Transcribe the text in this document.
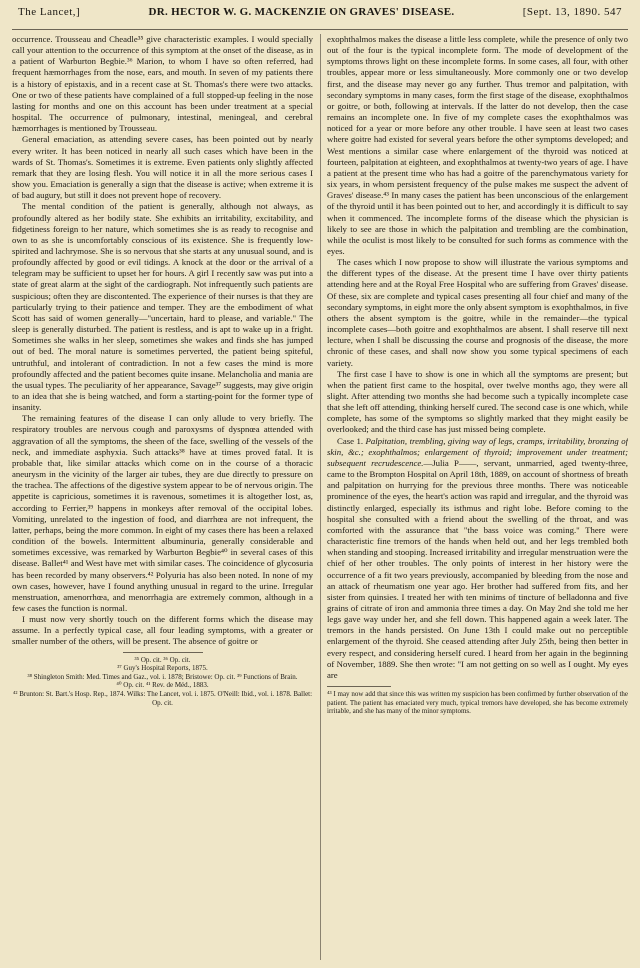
The Lancet,]	DR. HECTOR W. G. MACKENZIE ON GRAVES' DISEASE.	[Sept. 13, 1890. 547

occurrence. Trousseau and Cheadle³⁵ give characteristic examples. I would specially call your attention to the occurrence of this symptom at the onset of the disease, as in a patient of Warburton Begbie.³⁶ Marion, to whom I have so often referred, had frequent hæmorrhages from the nose, ears, and mouth. In seven of my patients there is a history of epistaxis, and in a recent case at St. Thomas's there were two attacks. One or two of these patients have complained of a full stopped-up feeling in the nose lasting for months and one on this account has been under treatment at a special hospital. The occurrence of pulmonary, intestinal, meningeal, and cerebral hæmorrhages is mentioned by Trousseau.

General emaciation, as attending severe cases, has been pointed out by nearly every writer. It has been noticed in nearly all such cases which have been in the wards of St. Thomas's. Sometimes it is extreme. Even patients only slightly affected remark that they are losing flesh. You will notice it in all the more serious cases I show you. Emaciation is generally a sign that the disease is active; when extreme it is of bad augury, but still it does not prevent hope of recovery.

The mental condition of the patient is generally, although not always, as profoundly altered as her bodily state. She exhibits an irritability, excitability, and fidgetiness foreign to her nature, which sometimes she is as ready to recognise and own to as she is uncomfortably conscious of its existence. She is frequently low-spirited and lachrymose. She is so nervous that she starts at any unusual sound, and is profoundly affected by good or evil tidings. A knock at the door or the arrival of a telegram may be sufficient to upset her for hours. A girl I recently saw was put into a state of great alarm at the sight of the cardiograph. Not infrequently such patients are suspicious; often they are discontented. The experience of their nurses is that they are particularly trying to their patience and temper. They are the embodiment of what Scott has said of women generally—"uncertain, hard to please, and variable." The sleep is generally disturbed. The patient is restless, and is apt to wake up in a fright. Sometimes she walks in her sleep, sometimes she wakes and finds she has jumped out of bed. The moral nature is sometimes perverted, the patient being spiteful, untruthful, and intolerant of contradiction. In not a few cases the mind is more profoundly affected and the patient becomes quite insane. Melancholia and mania are the usual types. The peculiarity of her appearance, Savage³⁷ suggests, may give origin to an idea that she is being watched, and form a starting-point for the former type of insanity.

The remaining features of the disease I can only allude to very briefly. The respiratory troubles are nervous cough and paroxysms of dyspnœa attended with aggravation of all the symptoms, the sheen of the face, swelling of the vessels of the neck, and immediate asphyxia. Such attacks³⁸ have at times proved fatal. It is probable that, like similar attacks which come on in the course of a thoracic aneurysm in the vicinity of the larger air tubes, they are due directly to pressure on the trachea. The affections of the digestive system appear to be of nervous origin. The appetite is capricious, sometimes it is ravenous, sometimes it is altogether lost, as, according to Ferrier,³⁹ happens in monkeys after removal of the occipital lobes. Vomiting, unrelated to the ingestion of food, and diarrhœa are not infrequent, the latter, perhaps, being the more common. In eight of my cases there has been a relaxed condition of the bowels. Intermittent albuminuria, generally considerable and sometimes excessive, was remarked by Warburton Begbie⁴⁰ in several cases of this disease. Ballet⁴¹ and West have met with similar cases. The coincidence of glycosuria has been recorded by many observers.⁴² Polyuria has also been noted. In none of my own cases, however, have I found anything unusual in regard to the urine. Irregular menstruation, amenorrhœa, and menorrhagia are extremely common, although in a few cases the function is normal.

I must now very shortly touch on the different forms which the disease may assume. In a perfectly typical case, all four leading symptoms, with a greater or smaller number of the others, will be present. The absence of goitre or

³⁵ Op. cit. ³⁶ Op. cit.
³⁷ Guy's Hospital Reports, 1875.
³⁸ Shingleton Smith: Med. Times and Gaz., vol. i. 1878; Bristowe: Op. cit. ³⁹ Functions of Brain.
⁴⁰ Op. cit. ⁴¹ Rev. de Méd., 1883.
⁴² Brunton: St. Bart.'s Hosp. Rep., 1874. Wilks: The Lancet, vol. i. 1875. O'Neill: Ibid., vol. i. 1878. Ballet: Op. cit.

exophthalmos makes the disease a little less complete, while the presence of only two out of the four is the typical incomplete form. The mode of development of the symptoms throws light on these incomplete forms. In some cases, all four, with other troubles, appear more or less simultaneously. More commonly one or two develop first, and the disease may never go any further. Thus tremor and palpitation, with secondary symptoms in many cases, form the first stage of the disease, exophthalmos or goitre, or both, following at intervals. If the latter do not develop, then the case remains an incomplete one. In five of my complete cases the exophthalmos was noticed for a year or more before any other trouble. I have seen at least two cases where goitre had existed for several years before the other symptoms developed; and West mentions a similar case where enlargement of the thyroid was noticed at fourteen, palpitation at eighteen, and exophthalmos at twenty-two years of age. I have a patient at the present time who has had a goitre of the parenchymatous variety for six years, in whom persistent frequency of the pulse makes me suspect the advent of Graves' disease.⁴³ In many cases the patient has been unconscious of the enlargement of the thyroid until it has been pointed out to her, and accordingly it is difficult to say when it commenced. The incomplete forms of the disease which the physician is likely to see are those in which the palpitation and trembling are the combination, while the oculist is most likely to be consulted for such forms as commence with the eyes.

The cases which I now propose to show will illustrate the various symptoms and the different types of the disease. At the present time I have over thirty patients attending here and at the Royal Free Hospital who are suffering from Graves' disease. Of these, six are complete and typical cases presenting all four chief and many of the secondary symptoms, in eight more the only absent symptom is exophthalmos, in five others the absent symptom is the goitre, while in the remainder—the typical incomplete cases—both goitre and exophthalmos are absent. I shall reserve till next lecture, when I shall be discussing the course and prognosis of the disease, the more chronic of these cases, and shall now show you some typical specimens of each variety.

The first case I have to show is one in which all the symptoms are present; but when the patient first came to the hospital, over twelve months ago, they were all slight. After attending two months she had become such a typically incomplete case that she left off attending, thinking herself cured. The second case is one which, while complete, has some of the symptoms so slightly marked that they might easily be overlooked; and the third case has just missed being complete.

Case 1. Palpitation, trembling, giving way of legs, cramps, irritability, bronzing of skin, &c.; exophthalmos; enlargement of thyroid; improvement under treatment; subsequent recrudescence.—Julia P——, servant, unmarried, aged twenty-three, came to the Brompton Hospital on April 18th, 1889, on account of shortness of breath and palpitation on hurrying for the previous three months. There was noticeable prominence of the eyes, the heart's action was rapid and irregular, and the thyroid was distinctly enlarged, especially its isthmus and right lobe. Before coming to the hospital she consulted with a friend about the swelling of the throat, and was comforted with the assurance that "the bass voice was coming." There were characteristic fine tremors of the hands when held out, and her legs trembled both when standing and stooping. Increased irritability and irregular menstruation were the chief of her other troubles. The only points of interest in her history were the occurrence of a fit two years previously, accompanied by bleeding from the nose and an attack of rheumatism one year ago. Her brother had suffered from fits, and her sister from quinsies. I treated her with ten minims of tincture of belladonna and five grains of citrate of iron and ammonia three times a day. On May 2nd she told me her legs gave way under her, and she fell down. This happened again a week later. The tremors in the hands persisted. On June 13th I could make out no perceptible enlargement of the thyroid. She ceased attending after July 25th, being then better in every respect, and considering herself cured. I heard from her again in the beginning of November, 1889. She then wrote: "I am not getting on so well as I ought. My eyes are

⁴³ I may now add that since this was written my suspicion has been confirmed by further observation of the patient. The patient has emaciated very much, typical tremors have developed, she has become extremely irritable, and she has many of the minor symptoms.
